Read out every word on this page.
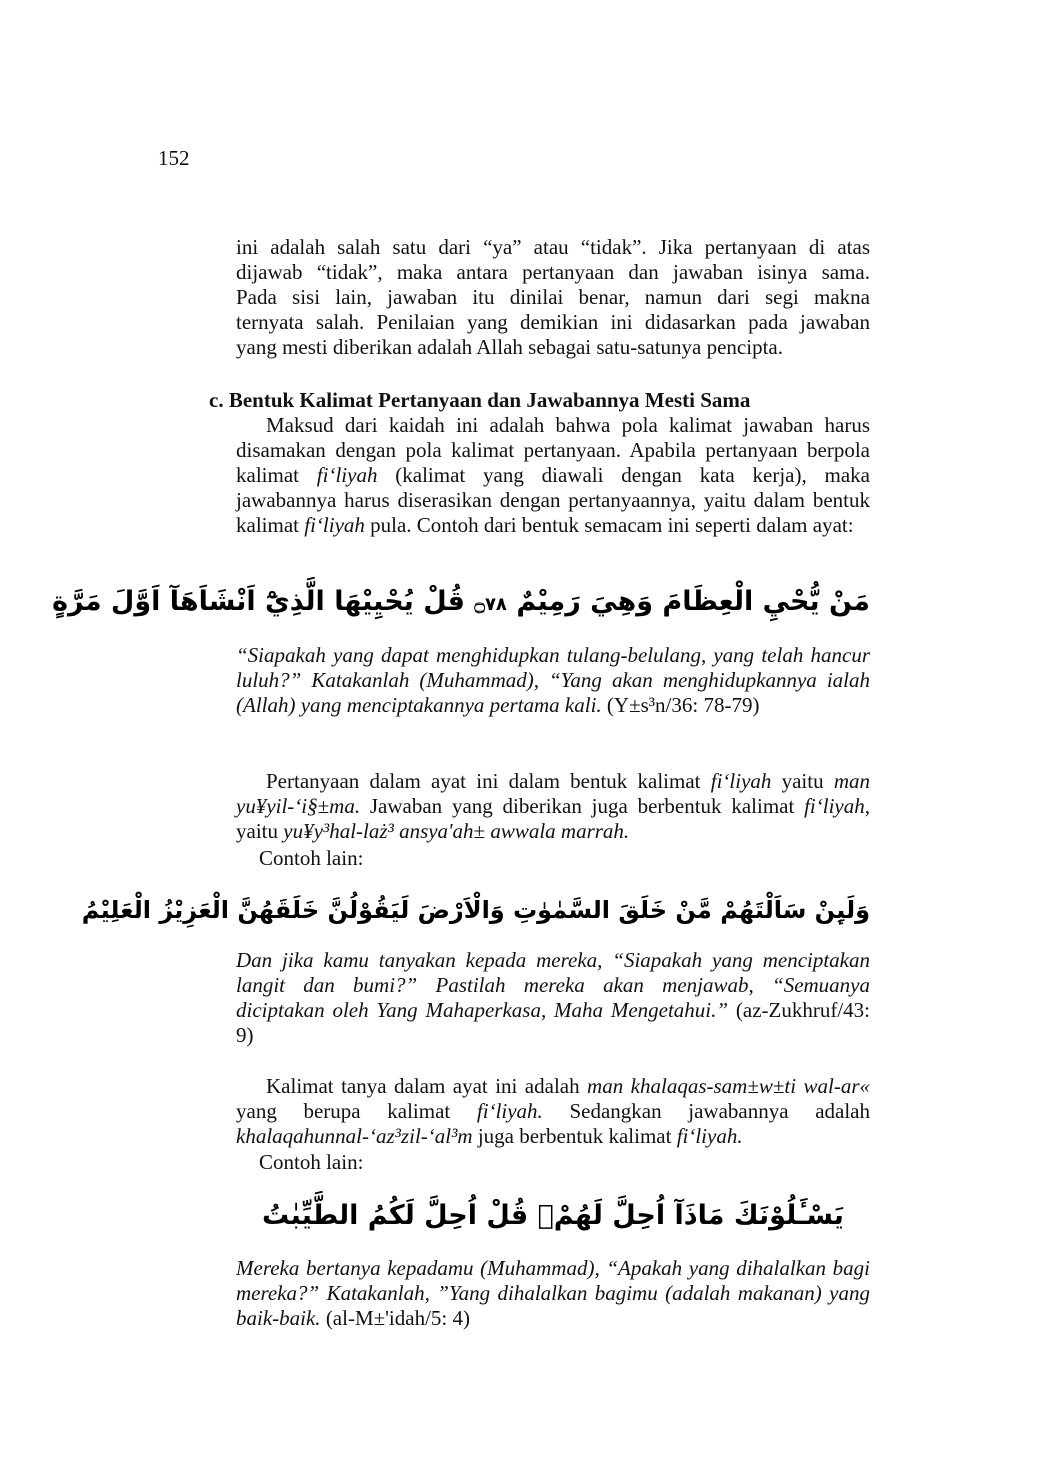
152
ini adalah salah satu dari “ya” atau “tidak”. Jika pertanyaan di atas
dijawab “tidak”, maka antara pertanyaan dan jawaban isinya sama.
Pada sisi lain, jawaban itu dinilai benar, namun dari segi makna
ternyata salah. Penilaian yang demikian ini didasarkan pada jawaban
yang mesti diberikan adalah Allah sebagai satu-satunya pencipta.
c. Bentuk Kalimat Pertanyaan dan Jawabannya Mesti Sama

Maksud dari kaidah ini adalah bahwa pola kalimat jawaban harus disamakan dengan pola kalimat pertanyaan. Apabila pertanyaan berpola kalimat fi‘liyah (kalimat yang diawali dengan kata kerja), maka jawabannya harus diserasikan dengan pertanyaannya, yaitu dalam bentuk kalimat fi‘liyah pula. Contoh dari bentuk semacam ini seperti dalam ayat:

مَنْ يُّحْيِ الْعِظَامَ وَهِيَ رَمِيْمٌ ۝٧٨ قُلْ يُحْيِيْهَا الَّذِيْٓ اَنْشَاَهَآ اَوَّلَ مَرَّةٍ

“Siapakah yang dapat menghidupkan tulang-belulang, yang telah hancur luluh?” Katakanlah (Muhammad), “Yang akan menghidupkannya ialah (Allah) yang menciptakannya pertama kali. (Y±s³n/36: 78-79)

Pertanyaan dalam ayat ini dalam bentuk kalimat fi‘liyah yaitu man yu¥yil-‘i§±ma. Jawaban yang diberikan juga berbentuk kalimat fi‘liyah, yaitu yu¥y³hal-laż³ ansya'ah± awwala marrah.

Contoh lain:
وَلَىِٕنْ سَاَلْتَهُمْ مَّنْ خَلَقَ السَّمٰوٰتِ وَالْاَرْضَ لَيَقُوْلُنَّ خَلَقَهُنَّ الْعَزِيْزُ الْعَلِيْمُ

Dan jika kamu tanyakan kepada mereka, “Siapakah yang menciptakan langit dan bumi?” Pastilah mereka akan menjawab, “Semuanya diciptakan oleh Yang Mahaperkasa, Maha Mengetahui.” (az-Zukhruf/43: 9)

Kalimat tanya dalam ayat ini adalah man khalaqas-sam±w±ti wal-ar« yang berupa kalimat fi‘liyah. Sedangkan jawabannya adalah khalaqahunnal-‘az³zil-‘al³m juga berbentuk kalimat fi‘liyah.

Contoh lain:
يَسْـَٔلُوْنَكَ مَاذَآ اُحِلَّ لَهُمْۗ قُلْ اُحِلَّ لَكُمُ الطَّيِّبٰتُ

Mereka bertanya kepadamu (Muhammad), “Apakah yang dihalalkan bagi mereka?” Katakanlah, ”Yang dihalalkan bagimu (adalah makanan) yang baik-baik. (al-M±'idah/5: 4)
